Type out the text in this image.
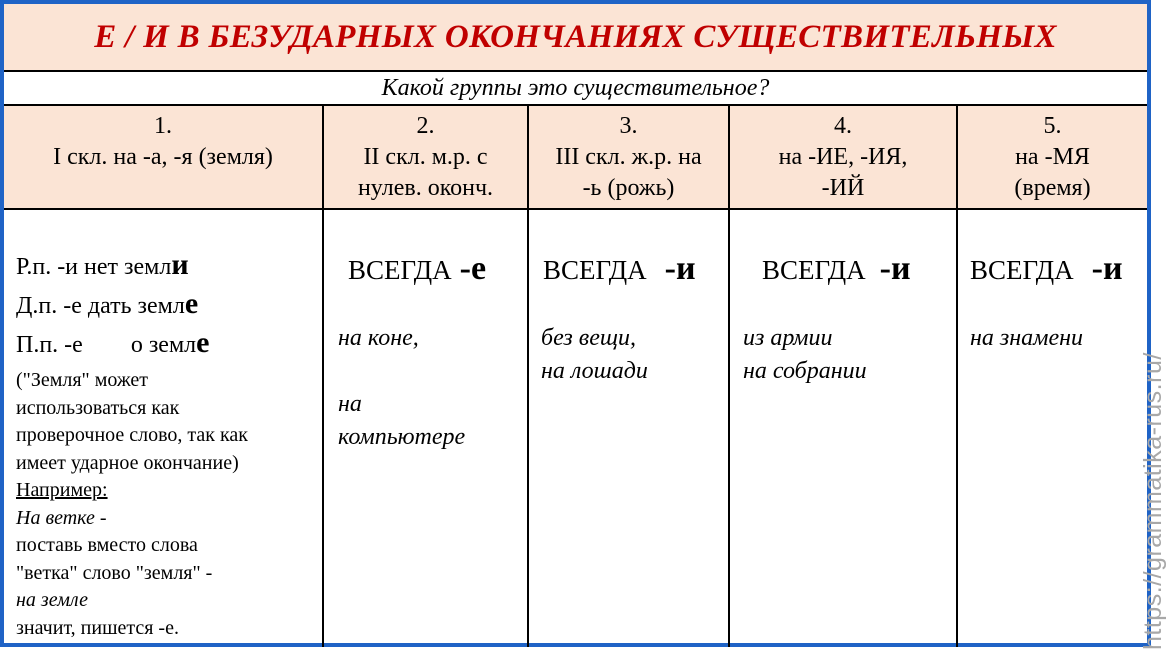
Е / И В БЕЗУДАРНЫХ ОКОНЧАНИЯХ СУЩЕСТВИТЕЛЬНЫХ
Какой группы это существительное?
1.
I скл. на -а, -я (земля)
2.
II скл. м.р. с
нулев. оконч.
3.
III скл. ж.р. на
-ь (рожь)
4.
на -ИЕ, -ИЯ,
-ИЙ
5.
на -МЯ
(время)
Р.п. -и нет земли
Д.п. -е дать земле
П.п. -е        о земле
("Земля" может
использоваться как
проверочное слово, так как
имеет ударное окончание)
Например:
На ветке -
поставь вместо слова
"ветка" слово "земля" -
на земле
значит, пишется -е.
ВСЕГДА -е
на коне,
на
компьютере
ВСЕГДА -и
без вещи,
на лошади
ВСЕГДА -и
из армии
на собрании
ВСЕГДА -и
на знамени
https://grammatika-rus.ru/
